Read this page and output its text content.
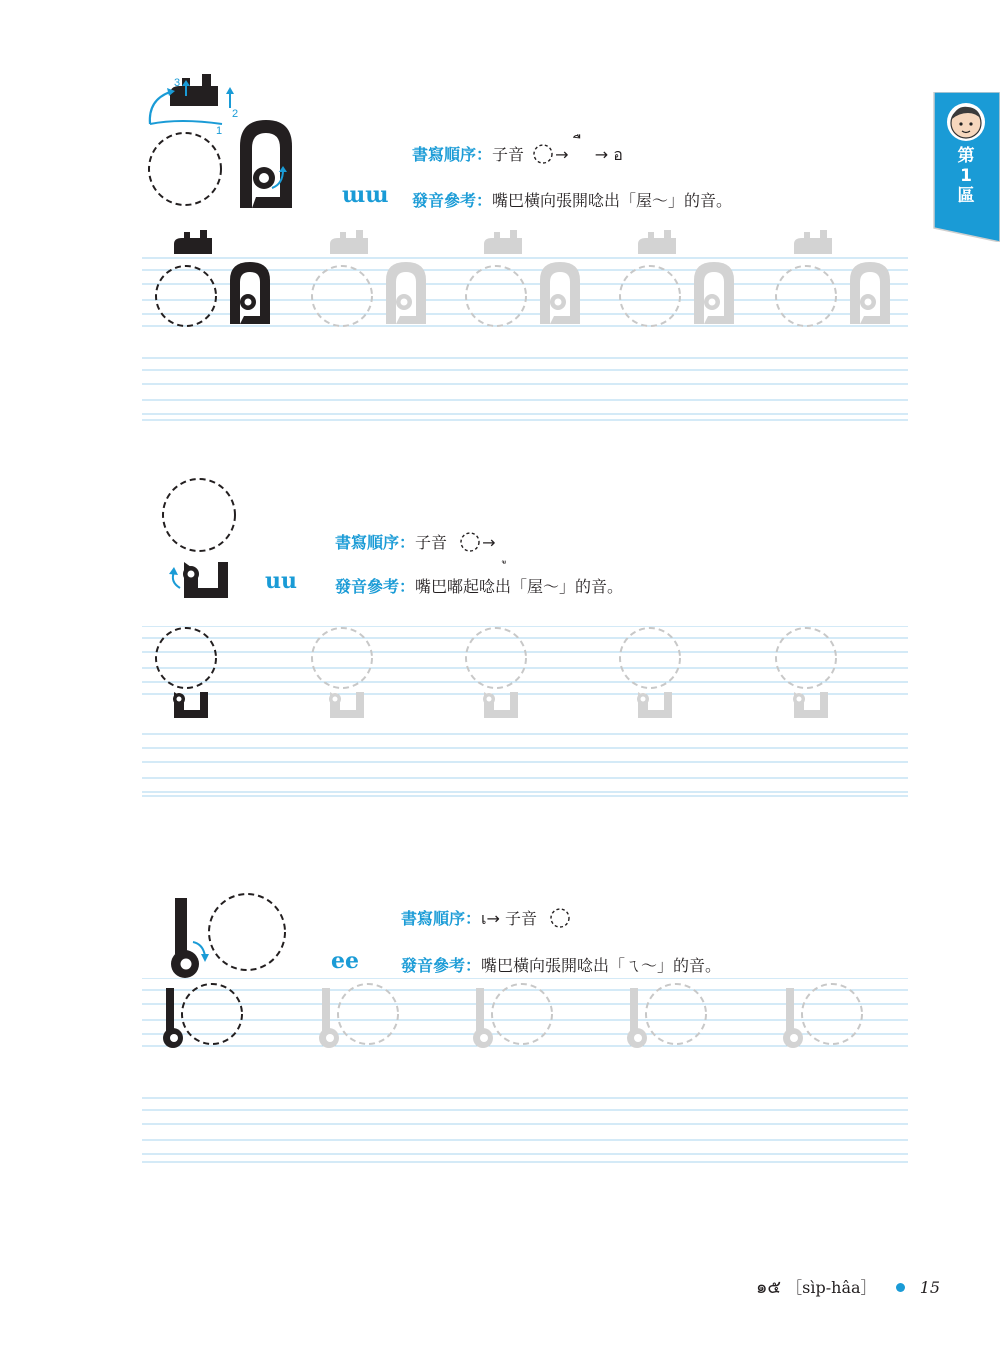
第
1
區
3
2
1
ɯɯ
書寫順序：子音 → → อ
發音參考：嘴巴橫向張開唸出「屋～」的音。
uu
書寫順序：子音 →
發音參考：嘴巴嘟起唸出「屋～」的音。
ee
書寫順序：เ→ 子音
發音參考：嘴巴橫向張開唸出「ㄟ～」的音。
๑๕ ［sìp-hâa］	15
